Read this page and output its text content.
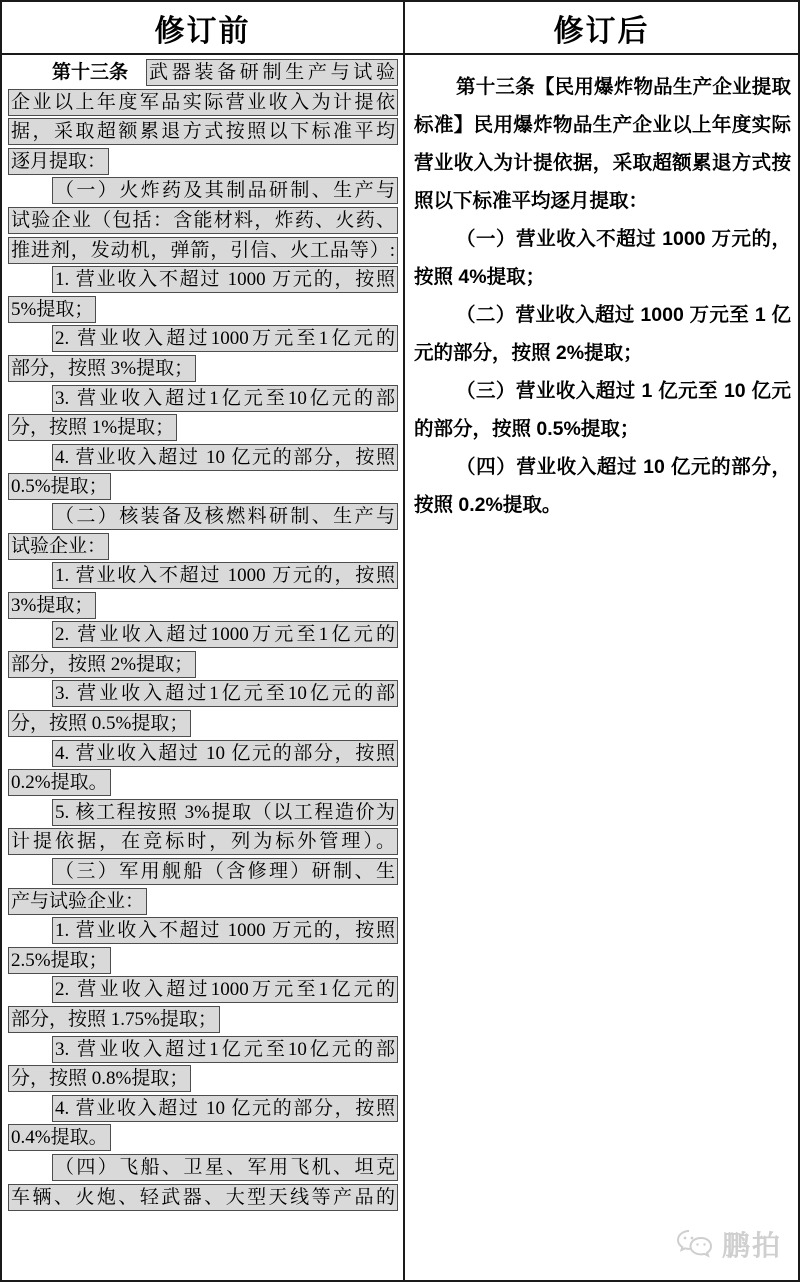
修订前
第十三条 武器装备研制生产与试验
企业以上年度军品实际营业收入为计提依
据，采取超额累退方式按照以下标准平均
逐月提取：
（一）火炸药及其制品研制、生产与
试验企业（包括：含能材料，炸药、火药、
推进剂，发动机，弹箭，引信、火工品等）:
1. 营业收入不超过 1000 万元的，按照
5%提取；
2. 营业收入超过1000万元至1亿元的
部分，按照 3%提取；
3. 营业收入超过1亿元至10亿元的部
分，按照 1%提取；
4. 营业收入超过 10 亿元的部分，按照
0.5%提取；
（二）核装备及核燃料研制、生产与
试验企业：
1. 营业收入不超过 1000 万元的，按照
3%提取；
2. 营业收入超过1000万元至1亿元的
部分，按照 2%提取；
3. 营业收入超过1亿元至10亿元的部
分，按照 0.5%提取；
4. 营业收入超过 10 亿元的部分，按照
0.2%提取。
5. 核工程按照 3%提取（以工程造价为
计提依据，在竞标时，列为标外管理）。
（三）军用舰船（含修理）研制、生
产与试验企业：
1. 营业收入不超过 1000 万元的，按照
2.5%提取；
2. 营业收入超过1000万元至1亿元的
部分，按照 1.75%提取；
3. 营业收入超过1亿元至10亿元的部
分，按照 0.8%提取；
4. 营业收入超过 10 亿元的部分，按照
0.4%提取。
（四）飞船、卫星、军用飞机、坦克
车辆、火炮、轻武器、大型天线等产品的
修订后

第十三条【民用爆炸物品生产企业提取标准】民用爆炸物品生产企业以上年度实际营业收入为计提依据，采取超额累退方式按照以下标准平均逐月提取：

（一）营业收入不超过 1000 万元的，按照 4%提取；

（二）营业收入超过 1000 万元至 1 亿元的部分，按照 2%提取；

（三）营业收入超过 1 亿元至 10 亿元的部分，按照 0.5%提取；

（四）营业收入超过 10 亿元的部分，按照 0.2%提取。

鹏拍
